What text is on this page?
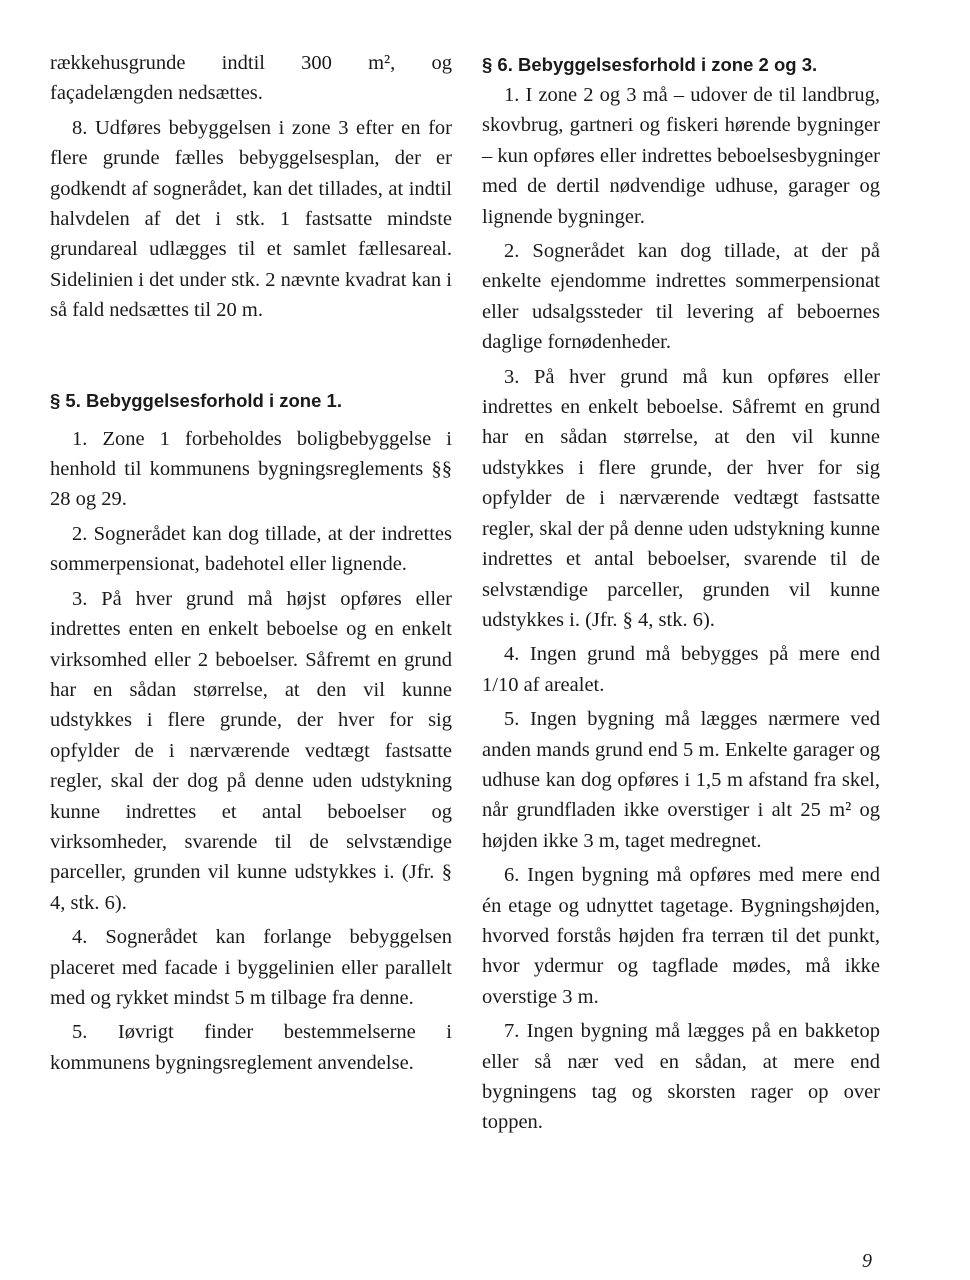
rækkehusgrunde indtil 300 m², og façadelængden nedsættes.

8. Udføres bebyggelsen i zone 3 efter en for flere grunde fælles bebyggelsesplan, der er godkendt af sognerådet, kan det tillades, at indtil halvdelen af det i stk. 1 fastsatte mindste grundareal udlægges til et samlet fællesareal. Sidelinien i det under stk. 2 nævnte kvadrat kan i så fald nedsættes til 20 m.

§ 5. Bebyggelsesforhold i zone 1.

1. Zone 1 forbeholdes boligbebyggelse i henhold til kommunens bygningsreglements §§ 28 og 29.

2. Sognerådet kan dog tillade, at der indrettes sommerpensionat, badehotel eller lignende.

3. På hver grund må højst opføres eller indrettes enten en enkelt beboelse og en enkelt virksomhed eller 2 beboelser. Såfremt en grund har en sådan størrelse, at den vil kunne udstykkes i flere grunde, der hver for sig opfylder de i nærværende vedtægt fastsatte regler, skal der dog på denne uden udstykning kunne indrettes et antal beboelser og virksomheder, svarende til de selvstændige parceller, grunden vil kunne udstykkes i. (Jfr. § 4, stk. 6).

4. Sognerådet kan forlange bebyggelsen placeret med facade i byggelinien eller parallelt med og rykket mindst 5 m tilbage fra denne.

5. Iøvrigt finder bestemmelserne i kommunens bygningsreglement anvendelse.

§ 6. Bebyggelsesforhold i zone 2 og 3.

1. I zone 2 og 3 må – udover de til landbrug, skovbrug, gartneri og fiskeri hørende bygninger – kun opføres eller indrettes beboelsesbygninger med de dertil nødvendige udhuse, garager og lignende bygninger.

2. Sognerådet kan dog tillade, at der på enkelte ejendomme indrettes sommerpensionat eller udsalgssteder til levering af beboernes daglige fornødenheder.

3. På hver grund må kun opføres eller indrettes en enkelt beboelse. Såfremt en grund har en sådan størrelse, at den vil kunne udstykkes i flere grunde, der hver for sig opfylder de i nærværende vedtægt fastsatte regler, skal der på denne uden udstykning kunne indrettes et antal beboelser, svarende til de selvstændige parceller, grunden vil kunne udstykkes i. (Jfr. § 4, stk. 6).

4. Ingen grund må bebygges på mere end 1/10 af arealet.

5. Ingen bygning må lægges nærmere ved anden mands grund end 5 m. Enkelte garager og udhuse kan dog opføres i 1,5 m afstand fra skel, når grundfladen ikke overstiger i alt 25 m² og højden ikke 3 m, taget medregnet.

6. Ingen bygning må opføres med mere end én etage og udnyttet tagetage. Bygningshøjden, hvorved forstås højden fra terræn til det punkt, hvor ydermur og tagflade mødes, må ikke overstige 3 m.

7. Ingen bygning må lægges på en bakketop eller så nær ved en sådan, at mere end bygningens tag og skorsten rager op over toppen.

9
